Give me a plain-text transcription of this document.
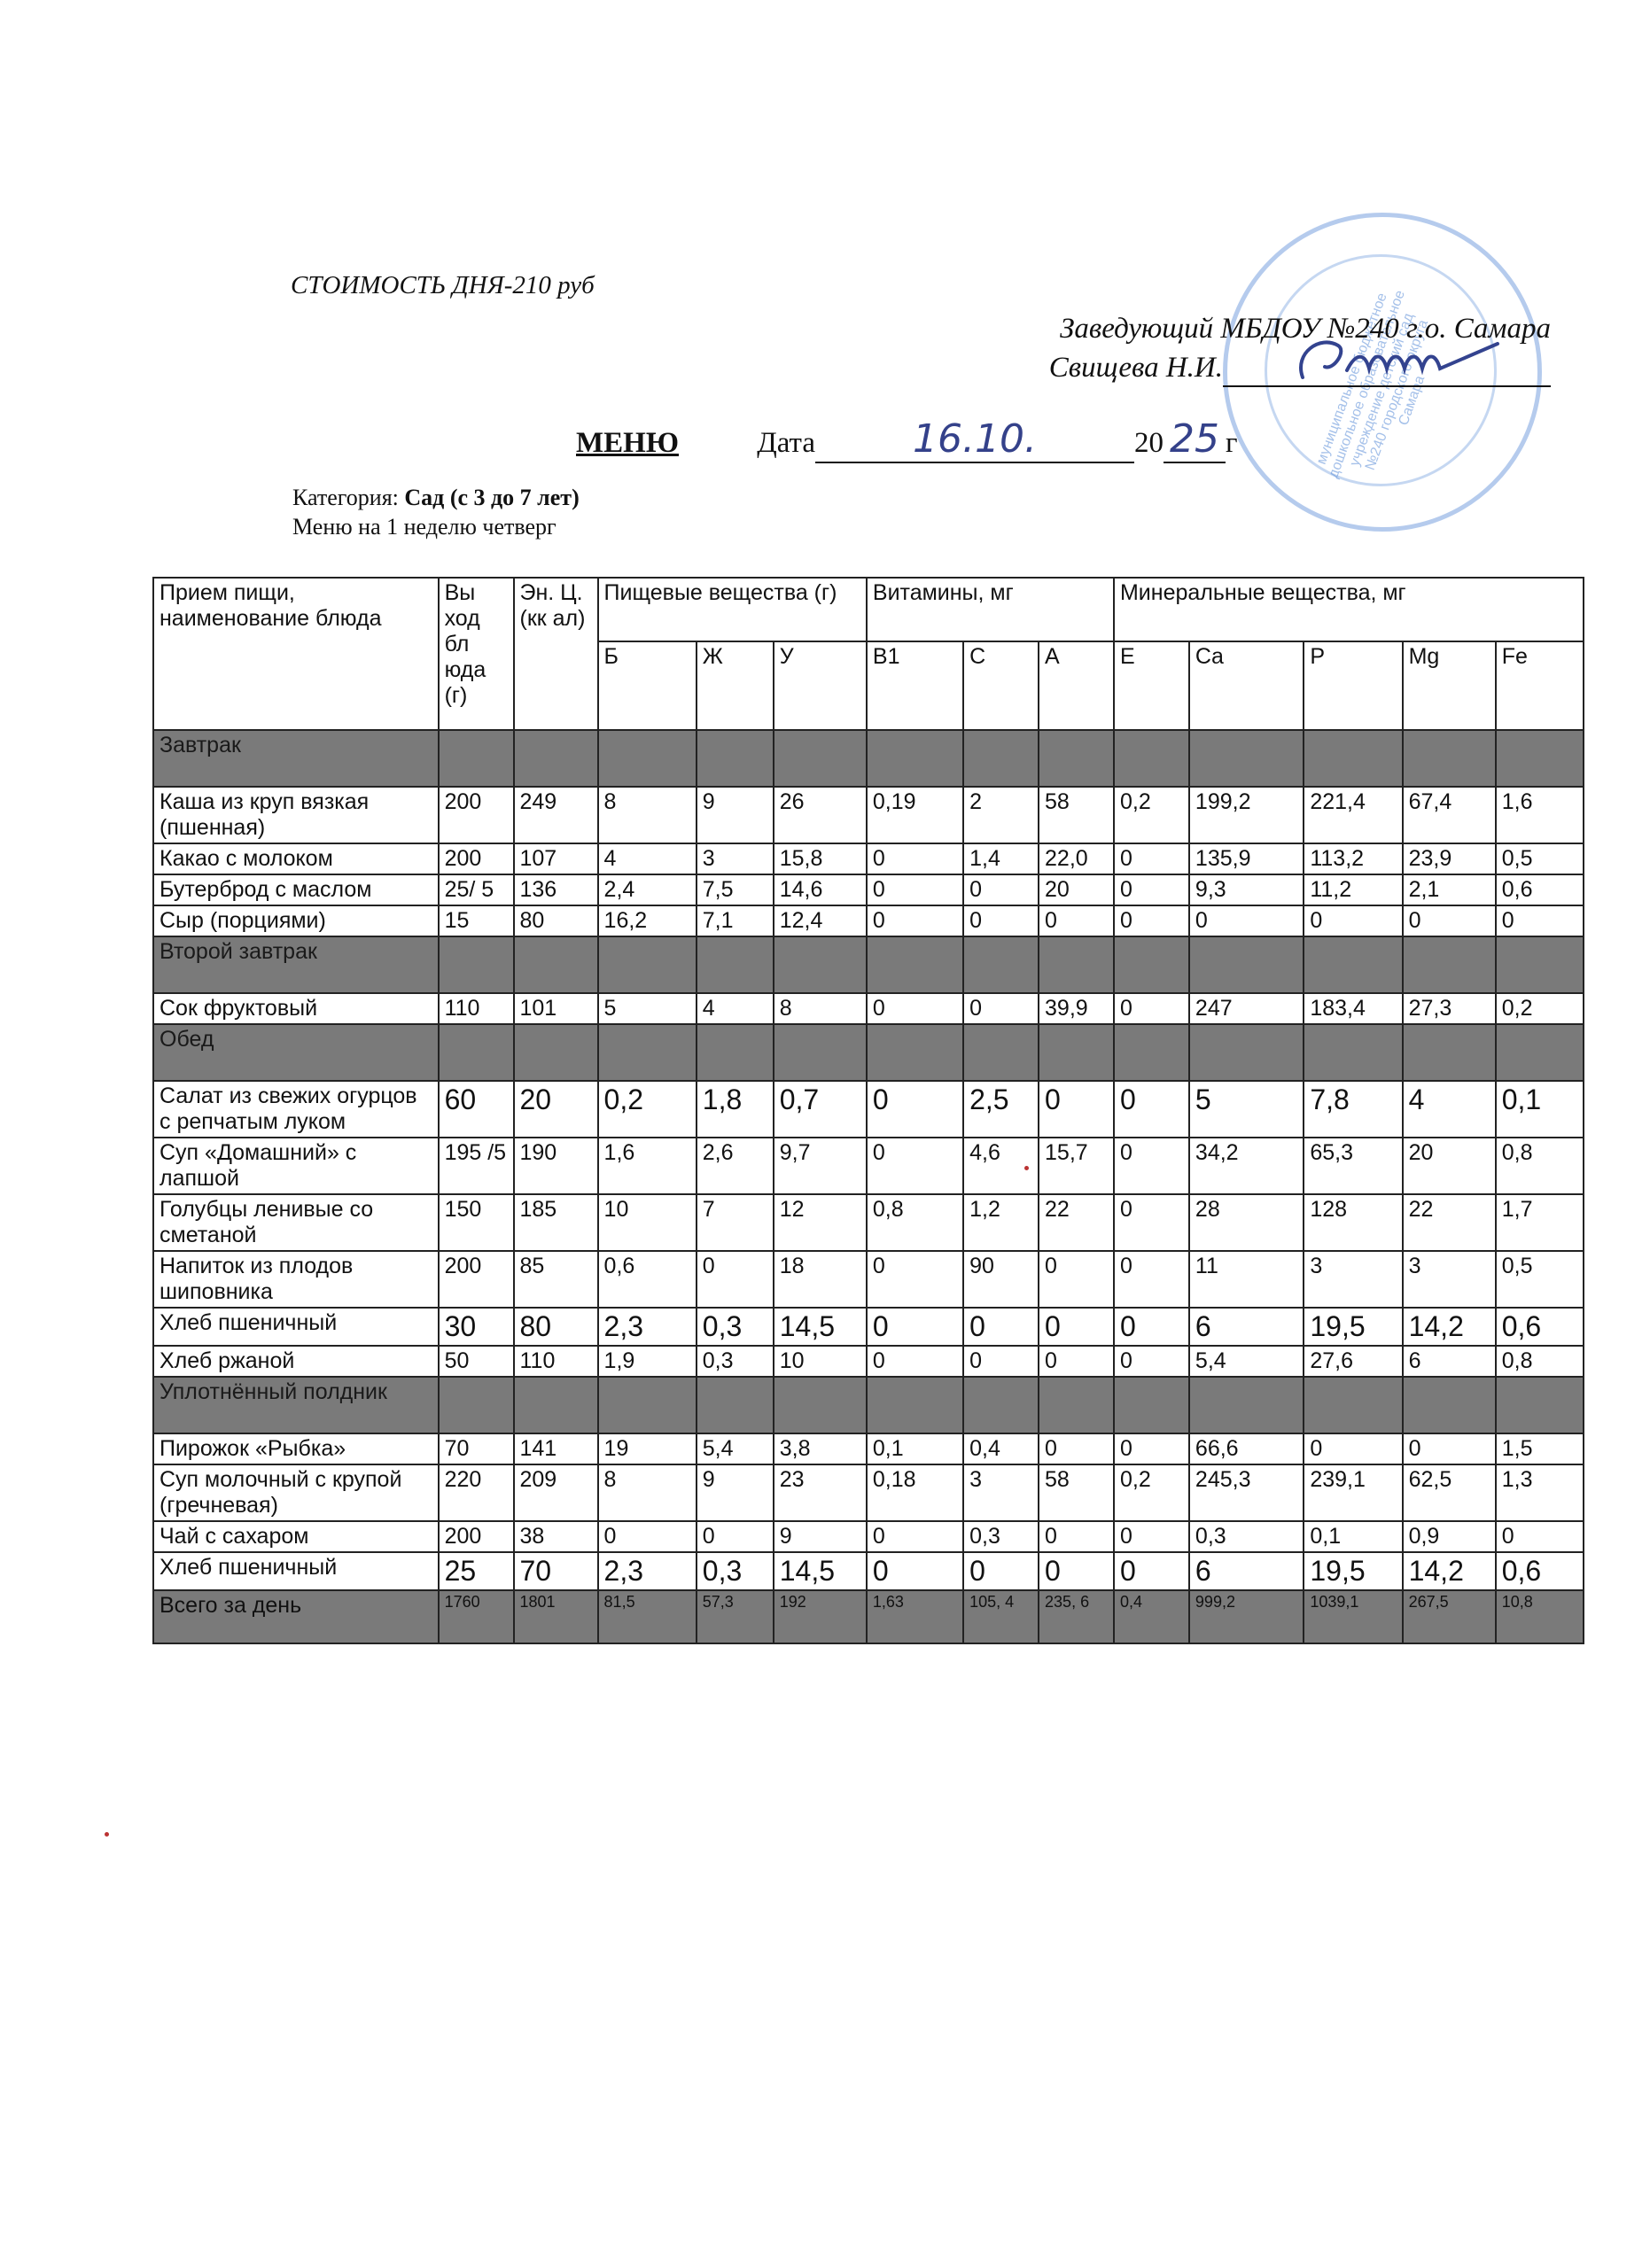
СТОИМОСТЬ ДНЯ-210 руб
муниципальное бюджетное дошкольное образовательное учреждение детский сад №240 городского округа Самара
Заведующий МБДОУ №240 г.о. Самара
Свищева Н.И.
МЕНЮ	Дата	16.10.	20 25 г
Категория: Сад (с 3 до 7 лет)
Меню на 1 неделю четверг
Прием пищи, наименование блюда	Вы ход бл юда (г)	Эн. Ц.(кк ал)	Пищевые вещества (г)			Витамины, мг			Минеральные вещества, мг				
			Б	Ж	У	В1	С	А	Е	Ca	P	Mg	Fe
Завтрак													
Каша из круп вязкая (пшенная)	200	249	8	9	26	0,19	2	58	0,2	199,2	221,4	67,4	1,6
Какао с молоком	200	107	4	3	15,8	0	1,4	22,0	0	135,9	113,2	23,9	0,5
Бутерброд с маслом	25/ 5	136	2,4	7,5	14,6	0	0	20	0	9,3	11,2	2,1	0,6
Сыр (порциями)	15	80	16,2	7,1	12,4	0	0	0	0	0	0	0	0
Второй завтрак													
Сок фруктовый	110	101	5	4	8	0	0	39,9	0	247	183,4	27,3	0,2
Обед													
Салат из свежих огурцов с репчатым луком	60	20	0,2	1,8	0,7	0	2,5	0	0	5	7,8	4	0,1
Суп «Домашний» с лапшой	195 /5	190	1,6	2,6	9,7	0	4,6	15,7	0	34,2	65,3	20	0,8
Голубцы ленивые со сметаной	150	185	10	7	12	0,8	1,2	22	0	28	128	22	1,7
Напиток из плодов шиповника	200	85	0,6	0	18	0	90	0	0	11	3	3	0,5
Хлеб пшеничный	30	80	2,3	0,3	14,5	0	0	0	0	6	19,5	14,2	0,6
Хлеб ржаной	50	110	1,9	0,3	10	0	0	0	0	5,4	27,6	6	0,8
Уплотнённый полдник													
Пирожок «Рыбка»	70	141	19	5,4	3,8	0,1	0,4	0	0	66,6	0	0	1,5
Суп молочный с крупой (гречневая)	220	209	8	9	23	0,18	3	58	0,2	245,3	239,1	62,5	1,3
Чай с сахаром	200	38	0	0	9	0	0,3	0	0	0,3	0,1	0,9	0
Хлеб пшеничный	25	70	2,3	0,3	14,5	0	0	0	0	6	19,5	14,2	0,6
Всего за день	1760	1801	81,5	57,3	192	1,63	105, 4	235, 6	0,4	999,2	1039,1	267,5	10,8
